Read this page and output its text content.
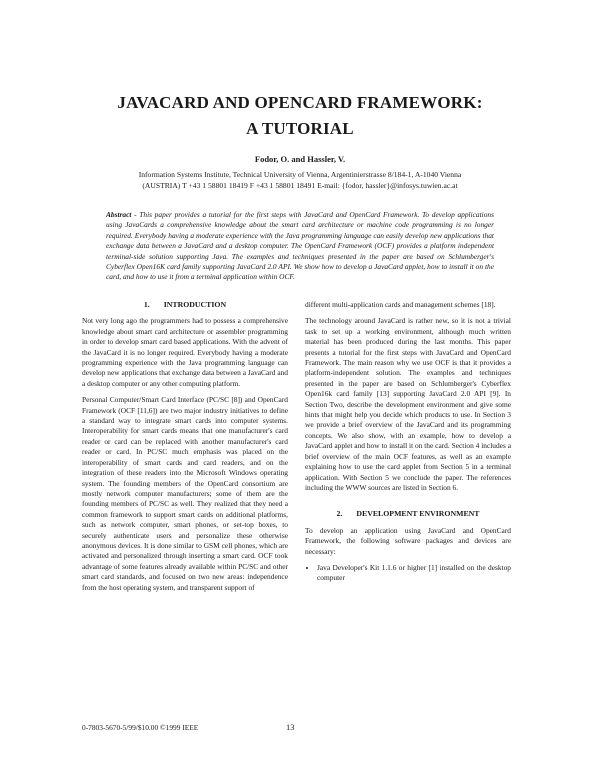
JAVACARD AND OPENCARD FRAMEWORK:
A TUTORIAL
Fodor, O. and Hassler, V.
Information Systems Institute, Technical University of Vienna, Argentinierstrasse 8/184-1, A-1040 Vienna (AUSTRIA) T +43 1 58801 18419 F +43 1 58801 18491 E-mail: {fodor, hassler}@infosys.tuwien.ac.at
Abstract - This paper provides a tutorial for the first steps with JavaCard and OpenCard Framework. To develop applications using JavaCards a comprehensive knowledge about the smart card architecture or machine code programming is no longer required. Everybody having a moderate experience with the Java programming language can easily develop new applications that exchange data between a JavaCard and a desktop computer. The OpenCard Framework (OCF) provides a platform independent terminal-side solution supporting Java. The examples and techniques presented in the paper are based on Schlumberger's Cyberflex Open16K card family supporting JavaCard 2.0 API. We show how to develop a JavaCard applet, how to install it on the card, and how to use it from a terminal application within OCF.
1. INTRODUCTION

Not very long ago the programmers had to possess a comprehensive knowledge about smart card architecture or assembler programming in order to develop smart card based applications. With the advent of the JavaCard it is no longer required. Everybody having a moderate programming experience with the Java programming language can develop new applications that exchange data between a JavaCard and a desktop computer or any other computing platform.

Personal Computer/Smart Card Interface (PC/SC [8]) and OpenCard Framework (OCF [11,6]) are two major industry initiatives to define a standard way to integrate smart cards into computer systems. Interoperability for smart cards means that one manufacturer's card reader or card can be replaced with another manufacturer's card reader or card. In PC/SC much emphasis was placed on the interoperability of smart cards and card readers, and on the integration of these readers into the Microsoft Windows operating system. The founding members of the OpenCard consortium are mostly network computer manufacturers; some of them are the founding members of PC/SC as well. They realized that they need a common framework to support smart cards on additional platforms, such as network computer, smart phones, or set-top boxes, to securely authenticate users and personalize these otherwise anonymous devices. It is done similar to GSM cell phones, which are activated and personalized through inserting a smart card. OCF took advantage of some features already available within PC/SC and other smart card standards, and focused on two new areas: independence from the host operating system, and transparent support of

different multi-application cards and management schemes [18].

The technology around JavaCard is rather new, so it is not a trivial task to set up a working environment, although much written material has been produced during the last months. This paper presents a tutorial for the first steps with JavaCard and OpenCard Framework. The main reason why we use OCF is that it provides a platform-independent solution. The examples and techniques presented in the paper are based on Schlumberger's Cyberflex Open16k card family [13] supporting JavaCard 2.0 API [9]. In Section Two, describe the development environment and give some hints that might help you decide which products to use. In Section 3 we provide a brief overview of the JavaCard and its programming concepts. We also show, with an example, how to develop a JavaCard applet and how to install it on the card. Section 4 includes a brief overview of the main OCF features, as well as an example explaining how to use the card applet from Section 5 in a terminal application. With Section 5 we conclude the paper. The references including the WWW sources are listed in Section 6.

2. DEVELOPMENT ENVIRONMENT

To develop an application using JavaCard and OpenCard Framework, the following software packages and devices are necessary:

• Java Developer's Kit 1.1.6 or higher [1] installed on the desktop computer
0-7803-5670-5/99/$10.00 ©1999 IEEE	13
